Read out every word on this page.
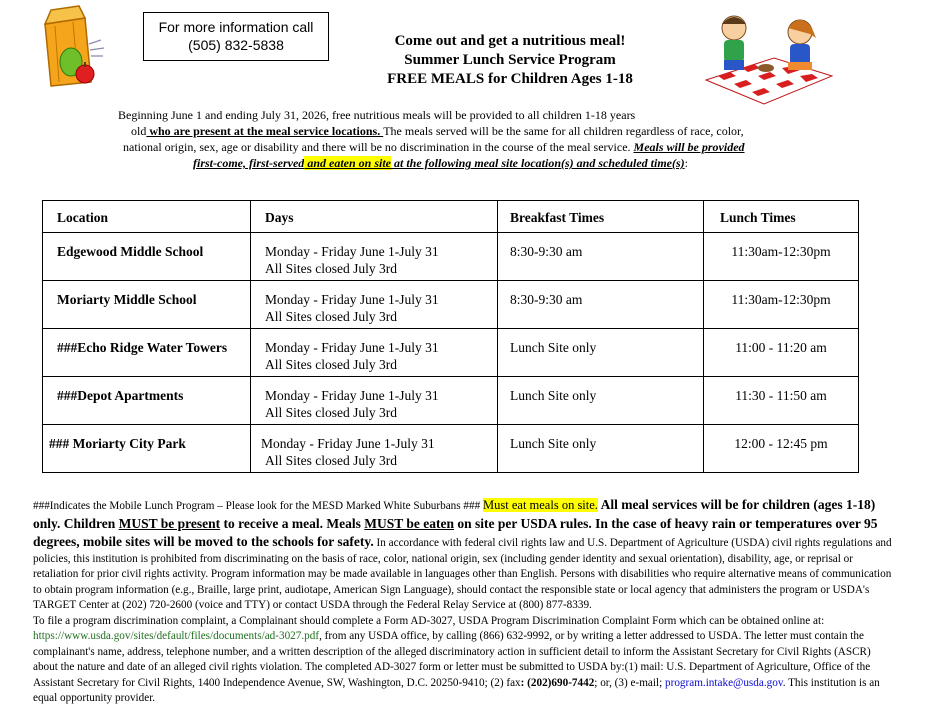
For more information call
(505) 832-5838	Come out and get a nutritious meal!
Summer Lunch Service Program
FREE MEALS for Children Ages 1-18
Beginning June 1 and ending July 31, 2026, free nutritious meals will be provided to all children 1-18 years
old who are present at the meal service locations. The meals served will be the same for all children regardless of race, color,
national origin, sex, age or disability and there will be no discrimination in the course of the meal service. Meals will be provided
first-come, first-served and eaten on site at the following meal site location(s) and scheduled time(s):
Location	Days	Breakfast Times	Lunch Times
Edgewood Middle School	Monday - Friday June 1-July 31
All Sites closed July 3rd	8:30-9:30 am	11:30am-12:30pm
Moriarty Middle School	Monday - Friday June 1-July 31
All Sites closed July 3rd	8:30-9:30 am	11:30am-12:30pm
###Echo Ridge Water Towers	Monday - Friday June 1-July 31
All Sites closed July 3rd	Lunch Site only	11:00 - 11:20 am
###Depot Apartments	Monday - Friday June 1-July 31
All Sites closed July 3rd	Lunch Site only	11:30 - 11:50 am
### Moriarty City Park	Monday - Friday June 1-July 31
All Sites closed July 3rd	Lunch Site only	12:00 - 12:45 pm
###Indicates the Mobile Lunch Program – Please look for the MESD Marked White Suburbans ### Must eat meals on site. All meal services will be for children (ages 1-18) only. Children MUST be present to receive a meal. Meals MUST be eaten on site per USDA rules. In the case of heavy rain or temperatures over 95 degrees, mobile sites will be moved to the schools for safety. In accordance with federal civil rights law and U.S. Department of Agriculture (USDA) civil rights regulations and policies, this institution is prohibited from discriminating on the basis of race, color, national origin, sex (including gender identity and sexual orientation), disability, age, or reprisal or retaliation for prior civil rights activity. Program information may be made available in languages other than English. Persons with disabilities who require alternative means of communication to obtain program information (e.g., Braille, large print, audiotape, American Sign Language), should contact the responsible state or local agency that administers the program or USDA's TARGET Center at (202) 720-2600 (voice and TTY) or contact USDA through the Federal Relay Service at (800) 877-8339.
To file a program discrimination complaint, a Complainant should complete a Form AD-3027, USDA Program Discrimination Complaint Form which can be obtained online at: https://www.usda.gov/sites/default/files/documents/ad-3027.pdf, from any USDA office, by calling (866) 632-9992, or by writing a letter addressed to USDA. The letter must contain the complainant's name, address, telephone number, and a written description of the alleged discriminatory action in sufficient detail to inform the Assistant Secretary for Civil Rights (ASCR) about the nature and date of an alleged civil rights violation. The completed AD-3027 form or letter must be submitted to USDA by:(1) mail: U.S. Department of Agriculture, Office of the Assistant Secretary for Civil Rights, 1400 Independence Avenue, SW, Washington, D.C. 20250-9410; (2) fax: (202)690-7442; or, (3) e-mail; program.intake@usda.gov. This institution is an equal opportunity provider.
